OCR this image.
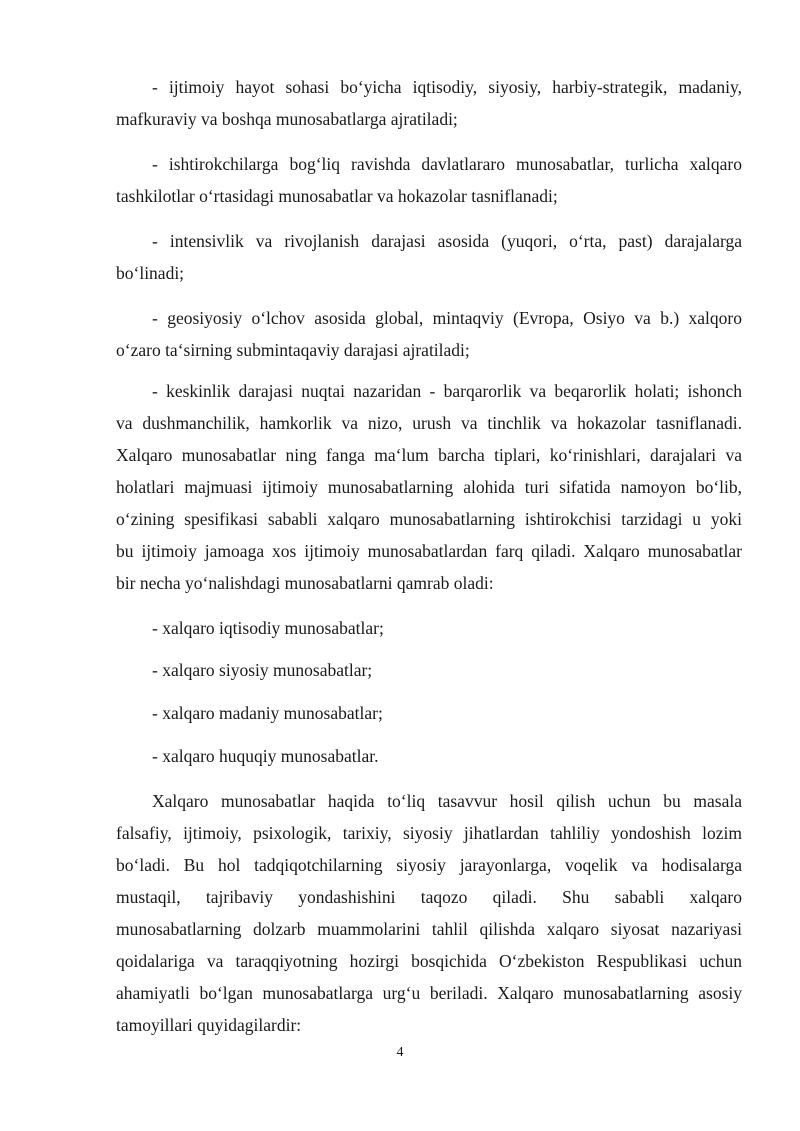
- ijtimoiy hayot sohasi bo‘yicha iqtisodiy, siyosiy, harbiy-strategik, madaniy,

mafkuraviy va boshqa munosabatlarga ajratiladi;

- ishtirokchilarga bog‘liq ravishda davlatlararo munosabatlar, turlicha xalqaro

tashkilotlar o‘rtasidagi munosabatlar va hokazolar tasniflanadi;

- intensivlik va rivojlanish darajasi asosida (yuqori, o‘rta, past) darajalarga

bo‘linadi;

- geosiyosiy o‘lchov asosida global, mintaqviy (Evropa, Osiyo va b.) xalqoro

o‘zaro ta‘sirning submintaqaviy darajasi ajratiladi;

- keskinlik darajasi nuqtai nazaridan - barqarorlik va beqarorlik holati; ishonch

va dushmanchilik, hamkorlik va nizo, urush va tinchlik va hokazolar tasniflanadi.

Xalqaro munosabatlar ning fanga ma‘lum barcha tiplari, ko‘rinishlari, darajalari va

holatlari majmuasi ijtimoiy munosabatlarning alohida turi sifatida namoyon bo‘lib,

o‘zining spesifikasi sababli xalqaro munosabatlarning ishtirokchisi tarzidagi u yoki

bu ijtimoiy jamoaga xos ijtimoiy munosabatlardan farq qiladi. Xalqaro munosabatlar

bir necha yo‘nalishdagi munosabatlarni qamrab oladi:

- xalqaro iqtisodiy munosabatlar;

- xalqaro siyosiy munosabatlar;

- xalqaro madaniy munosabatlar;

- xalqaro huquqiy munosabatlar.

Xalqaro munosabatlar haqida to‘liq tasavvur hosil qilish uchun bu masala

falsafiy, ijtimoiy, psixologik, tarixiy, siyosiy jihatlardan tahliliy yondoshish lozim

bo‘ladi. Bu hol tadqiqotchilarning siyosiy jarayonlarga, voqelik va hodisalarga

mustaqil, tajribaviy yondashishini taqozo qiladi. Shu sababli xalqaro

munosabatlarning dolzarb muammolarini tahlil qilishda xalqaro siyosat nazariyasi

qoidalariga va taraqqiyotning hozirgi bosqichida O‘zbekiston Respublikasi uchun

ahamiyatli bo‘lgan munosabatlarga urg‘u beriladi. Xalqaro munosabatlarning asosiy

tamoyillari quyidagilardir:

4
